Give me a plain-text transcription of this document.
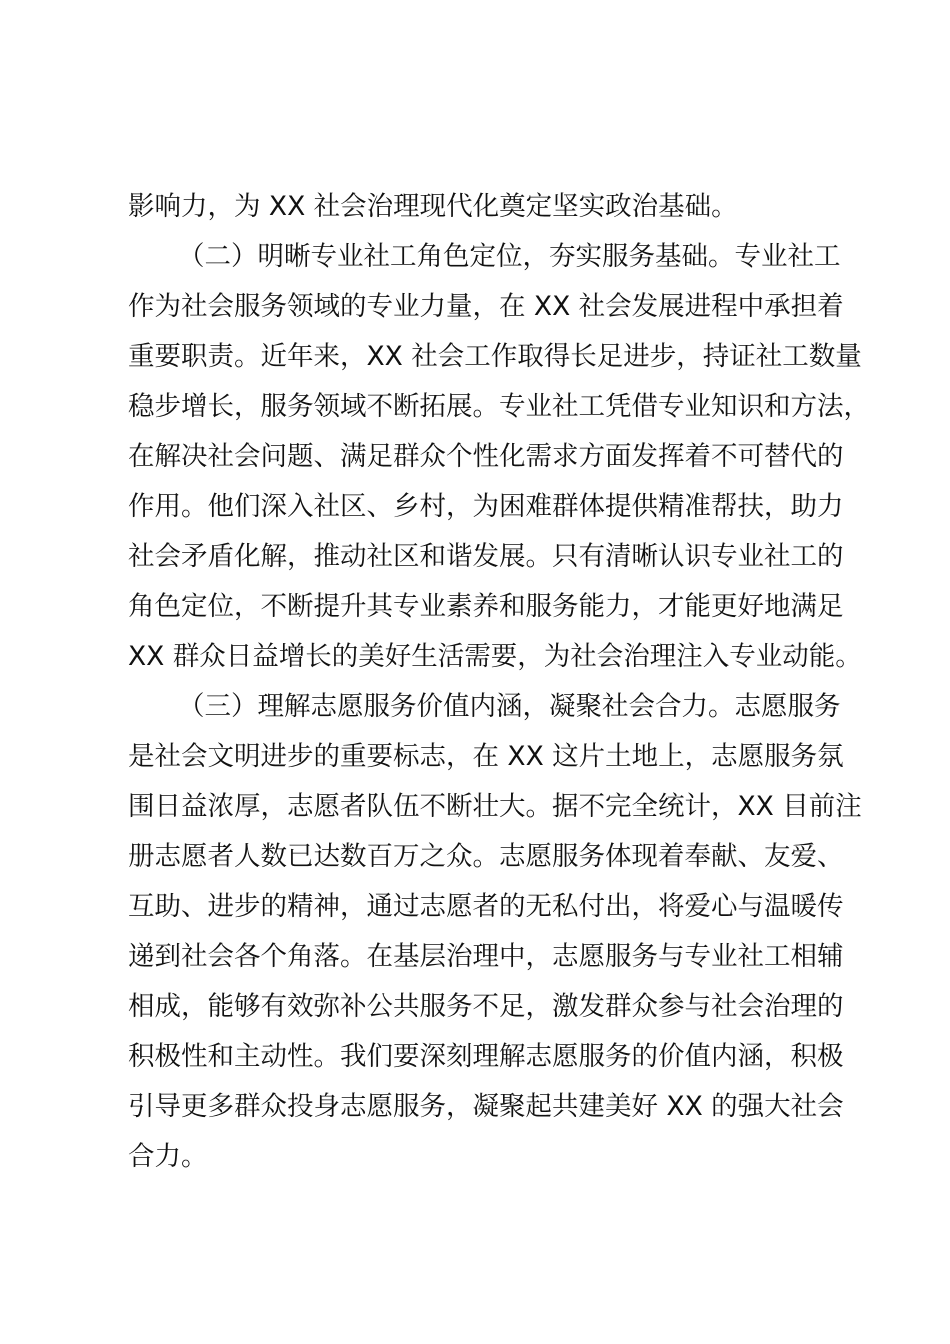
影响力，为 XX 社会治理现代化奠定坚实政治基础。
（二）明晰专业社工角色定位，夯实服务基础。专业社工
作为社会服务领域的专业力量，在 XX 社会发展进程中承担着
重要职责。近年来，XX 社会工作取得长足进步，持证社工数量
稳步增长，服务领域不断拓展。专业社工凭借专业知识和方法，
在解决社会问题、满足群众个性化需求方面发挥着不可替代的
作用。他们深入社区、乡村，为困难群体提供精准帮扶，助力
社会矛盾化解，推动社区和谐发展。只有清晰认识专业社工的
角色定位，不断提升其专业素养和服务能力，才能更好地满足
XX 群众日益增长的美好生活需要，为社会治理注入专业动能。
（三）理解志愿服务价值内涵，凝聚社会合力。志愿服务
是社会文明进步的重要标志，在 XX 这片土地上，志愿服务氛
围日益浓厚，志愿者队伍不断壮大。据不完全统计，XX 目前注
册志愿者人数已达数百万之众。志愿服务体现着奉献、友爱、
互助、进步的精神，通过志愿者的无私付出，将爱心与温暖传
递到社会各个角落。在基层治理中，志愿服务与专业社工相辅
相成，能够有效弥补公共服务不足，激发群众参与社会治理的
积极性和主动性。我们要深刻理解志愿服务的价值内涵，积极
引导更多群众投身志愿服务，凝聚起共建美好 XX 的强大社会
合力。
